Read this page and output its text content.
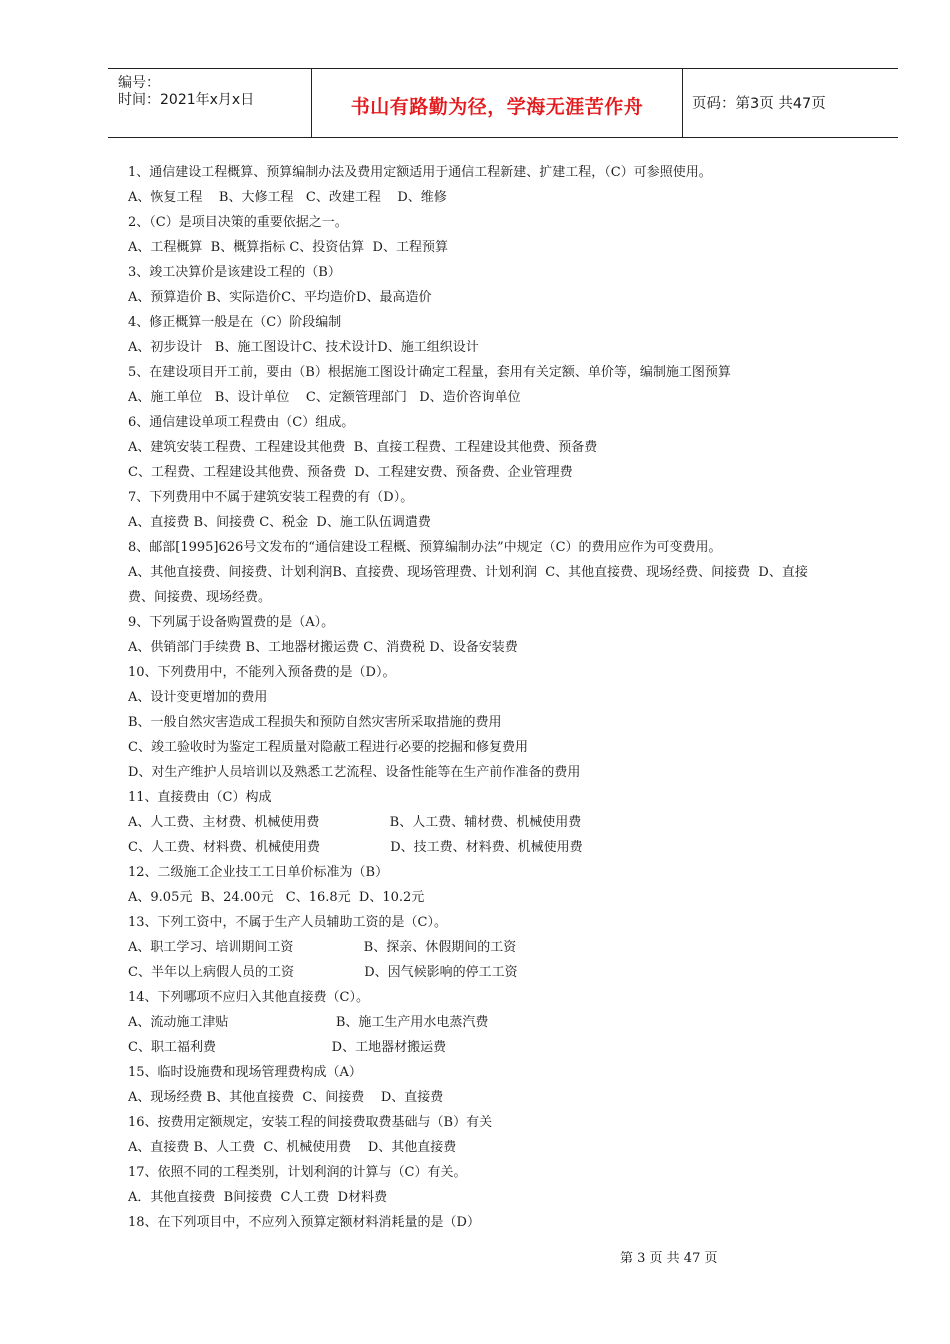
编号：
时间：2021年x月x日	书山有路勤为径，学海无涯苦作舟	页码：第3页 共47页
1、通信建设工程概算、预算编制办法及费用定额适用于通信工程新建、扩建工程，（C）可参照使用。
A、恢复工程    B、大修工程   C、改建工程    D、维修
2、（C）是项目决策的重要依据之一。
A、工程概算  B、概算指标 C、投资估算  D、工程预算
3、竣工决算价是该建设工程的（B）
A、预算造价 B、实际造价C、平均造价D、最高造价
4、修正概算一般是在（C）阶段编制
A、初步设计   B、施工图设计C、技术设计D、施工组织设计
5、在建设项目开工前，要由（B）根据施工图设计确定工程量，套用有关定额、单价等，编制施工图预算
A、施工单位   B、设计单位    C、定额管理部门   D、造价咨询单位
6、通信建设单项工程费由（C）组成。
A、建筑安装工程费、工程建设其他费  B、直接工程费、工程建设其他费、预备费
C、工程费、工程建设其他费、预备费  D、工程建安费、预备费、企业管理费
7、下列费用中不属于建筑安装工程费的有（D）。
A、直接费 B、间接费 C、税金  D、施工队伍调遣费
8、邮部[1995]626号文发布的“通信建设工程概、预算编制办法”中规定（C）的费用应作为可变费用。
A、其他直接费、间接费、计划利润B、直接费、现场管理费、计划利润  C、其他直接费、现场经费、间接费  D、直接
费、间接费、现场经费。
9、下列属于设备购置费的是（A）。
A、供销部门手续费 B、工地器材搬运费 C、消费税 D、设备安装费
10、下列费用中，不能列入预备费的是（D）。
A、设计变更增加的费用
B、一般自然灾害造成工程损失和预防自然灾害所采取措施的费用
C、竣工验收时为鉴定工程质量对隐蔽工程进行必要的挖掘和修复费用
D、对生产维护人员培训以及熟悉工艺流程、设备性能等在生产前作准备的费用
11、直接费由（C）构成
A、人工费、主材费、机械使用费                 B、人工费、辅材费、机械使用费
C、人工费、材料费、机械使用费                 D、技工费、材料费、机械使用费
12、二级施工企业技工工日单价标准为（B）
A、9.05元  B、24.00元   C、16.8元  D、10.2元
13、下列工资中，不属于生产人员辅助工资的是（C）。
A、职工学习、培训期间工资                 B、探亲、休假期间的工资
C、半年以上病假人员的工资                 D、因气候影响的停工工资
14、下列哪项不应归入其他直接费（C）。
A、流动施工津贴                          B、施工生产用水电蒸汽费
C、职工福利费                            D、工地器材搬运费
15、临时设施费和现场管理费构成（A）
A、现场经费 B、其他直接费  C、间接费    D、直接费
16、按费用定额规定，安装工程的间接费取费基础与（B）有关
A、直接费 B、人工费  C、机械使用费    D、其他直接费
17、依照不同的工程类别，计划利润的计算与（C）有关。
A．其他直接费  B间接费  C人工费  D材料费
18、在下列项目中，不应列入预算定额材料消耗量的是（D）
第 3 页 共 47 页
